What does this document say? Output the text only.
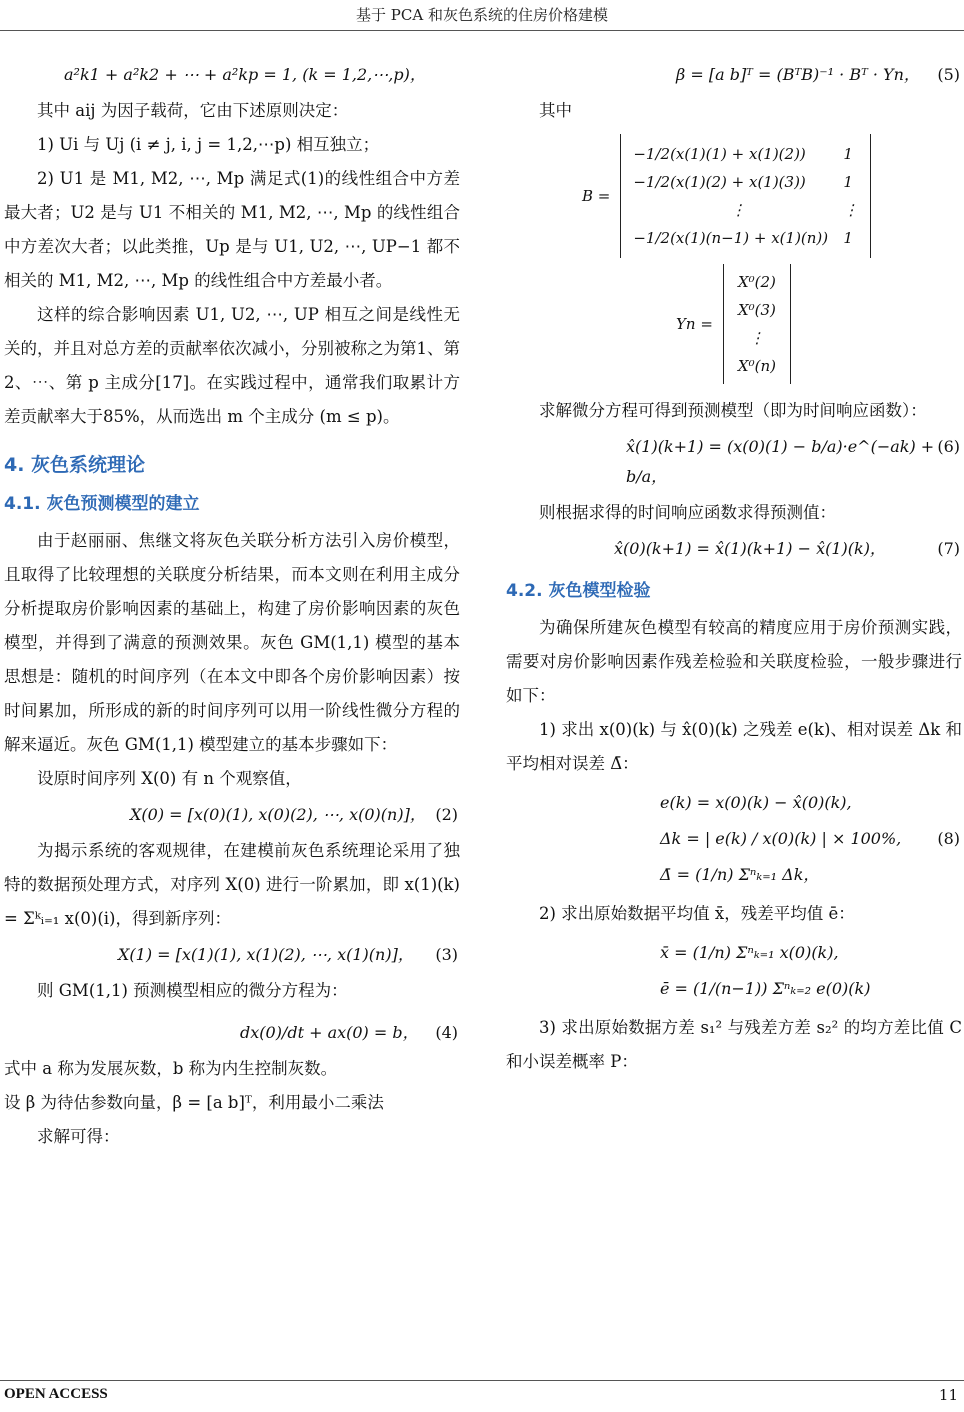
基于 PCA 和灰色系统的住房价格建模
a²k1 + a²k2 + ⋯ + a²kp = 1, (k = 1,2,⋯,p)，

其中 aij 为因子载荷，它由下述原则决定：

1) Ui 与 Uj (i ≠ j, i, j = 1,2,⋯p) 相互独立；

2) U1 是 M1, M2, ⋯, Mp 满足式(1)的线性组合中方差最大者；U2 是与 U1 不相关的 M1, M2, ⋯, Mp 的线性组合中方差次大者；以此类推，Up 是与 U1, U2, ⋯, UP−1 都不相关的 M1, M2, ⋯, Mp 的线性组合中方差最小者。

这样的综合影响因素 U1, U2, ⋯, UP 相互之间是线性无关的，并且对总方差的贡献率依次减小，分别被称之为第1、第2、⋯、第 p 主成分[17]。在实践过程中，通常我们取累计方差贡献率大于85%，从而选出 m 个主成分 (m ≤ p)。

4. 灰色系统理论
4.1. 灰色预测模型的建立

由于赵丽丽、焦继文将灰色关联分析方法引入房价模型，且取得了比较理想的关联度分析结果，而本文则在利用主成分分析提取房价影响因素的基础上，构建了房价影响因素的灰色模型，并得到了满意的预测效果。灰色 GM(1,1) 模型的基本思想是：随机的时间序列（在本文中即各个房价影响因素）按时间累加，所形成的新的时间序列可以用一阶线性微分方程的解来逼近。灰色 GM(1,1) 模型建立的基本步骤如下：

设原时间序列 X(0) 有 n 个观察值，

X(0) = [x(0)(1), x(0)(2), ⋯, x(0)(n)]， (2)

为揭示系统的客观规律，在建模前灰色系统理论采用了独特的数据预处理方式，对序列 X(0) 进行一阶累加，即 x(1)(k) = Σᵏᵢ₌₁ x(0)(i)，得到新序列：

X(1) = [x(1)(1), x(1)(2), ⋯, x(1)(n)]， (3)

则 GM(1,1) 预测模型相应的微分方程为：

dx(0)/dt + ax(0) = b， (4)

式中 a 称为发展灰数，b 称为内生控制灰数。

设 β 为待估参数向量，β = [a b]ᵀ，利用最小二乘法

求解可得：

β = [a b]ᵀ = (BᵀB)⁻¹ · Bᵀ · Yn， (5)

其中

B =
−1/2(x(1)(1) + x(1)(2))	1
−1/2(x(1)(2) + x(1)(3))	1
⋮	⋮
−1/2(x(1)(n−1) + x(1)(n))	1
Yn =
X⁰(2)
X⁰(3)
⋮
X⁰(n)

求解微分方程可得到预测模型（即为时间响应函数）：

x̂(1)(k+1) = (x(0)(1) − b/a)·e^(−ak) + b/a，
(6)

则根据求得的时间响应函数求得预测值：

x̂(0)(k+1) = x̂(1)(k+1) − x̂(1)(k)，	(7)
4.2. 灰色模型检验

为确保所建灰色模型有较高的精度应用于房价预测实践，需要对房价影响因素作残差检验和关联度检验，一般步骤进行如下：

1) 求出 x(0)(k) 与 x̂(0)(k) 之残差 e(k)、相对误差 Δk 和平均相对误差 Δ̄：

e(k) = x(0)(k) − x̂(0)(k),
Δk = | e(k) / x(0)(k) | × 100%,
Δ̄ = (1/n) Σⁿₖ₌₁ Δk，
(8)

2) 求出原始数据平均值 x̄，残差平均值 ē：

x̄ = (1/n) Σⁿₖ₌₁ x(0)(k),
ē = (1/(n−1)) Σⁿₖ₌₂ e(0)(k)

3) 求出原始数据方差 s₁² 与残差方差 s₂² 的均方差比值 C 和小误差概率 P：

OPEN ACCESS	11
